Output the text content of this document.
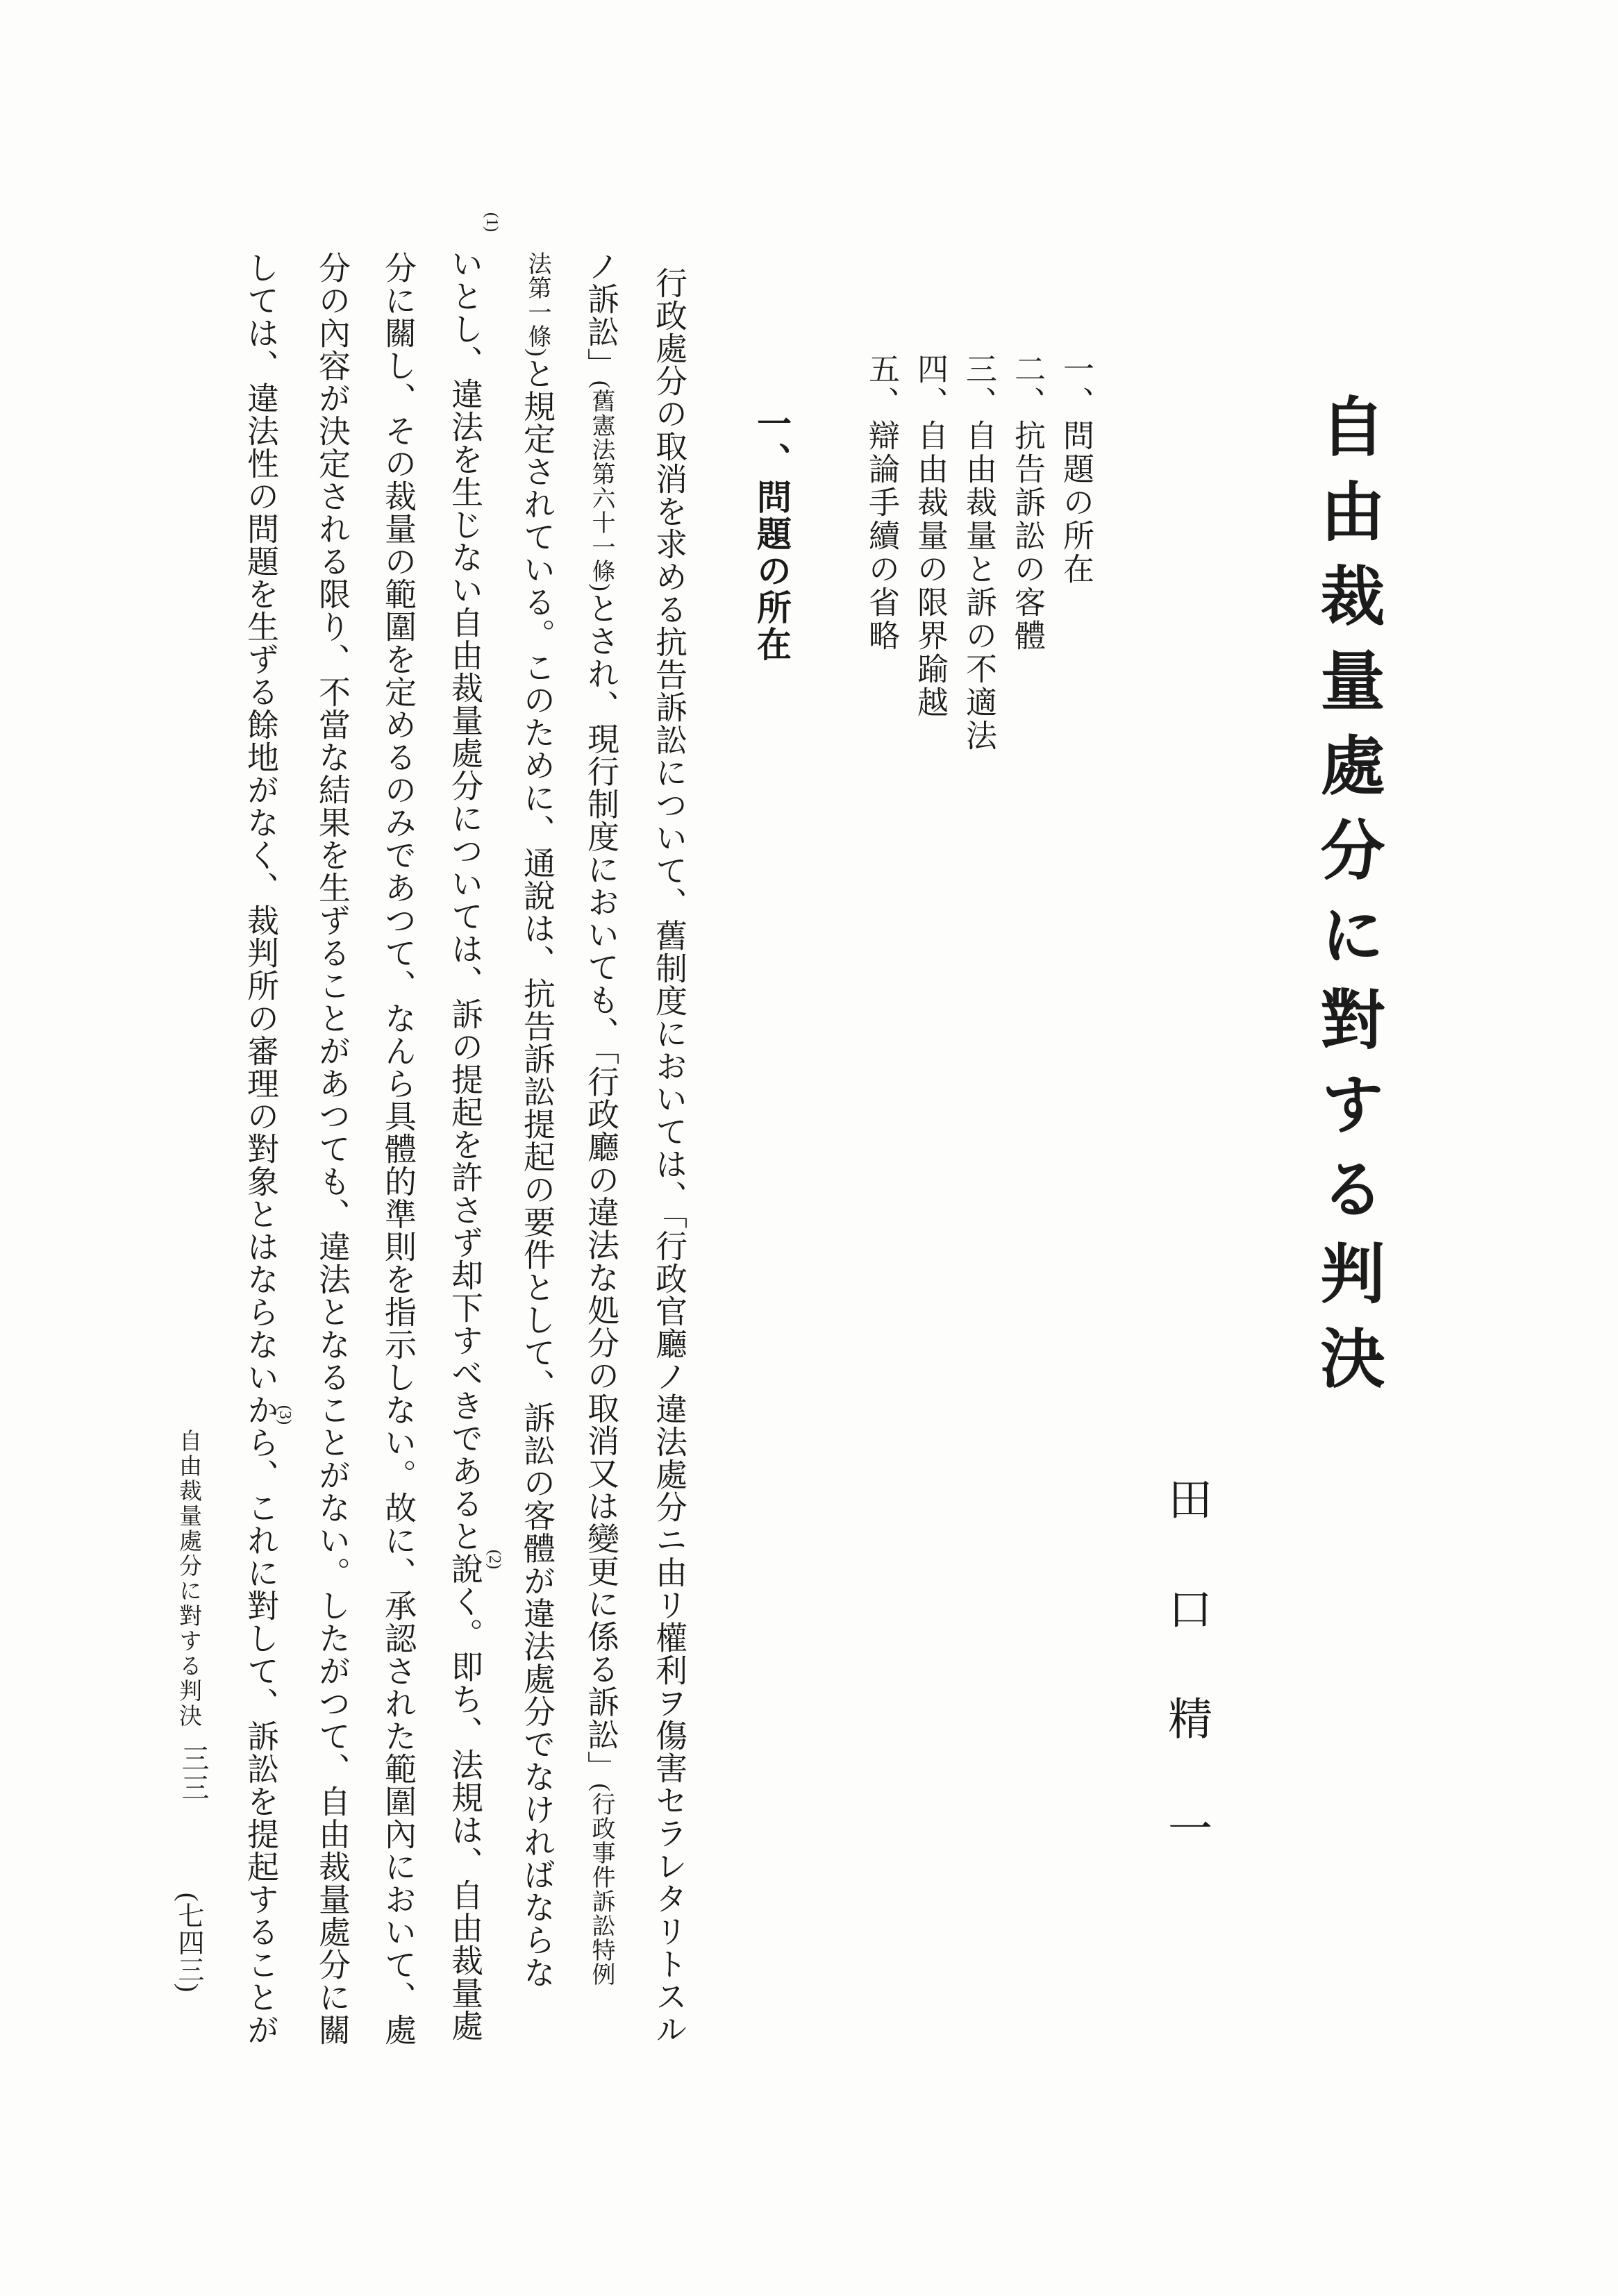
自由裁量處分に對する判決
田口精一
一、問題の所在
二、抗告訴訟の客體
三、自由裁量と訴の不適法
四、自由裁量の限界踰越
五、辯論手續の省略
一、問題の所在
行政處分の取消を求める抗告訴訟について、舊制度においては、「行政官廳ノ違法處分ニ由リ權利ヲ傷害セラレタリトスル
ノ訴訟」(舊憲法第六十一條)とされ、現行制度においても、「行政廳の違法な処分の取消又は變更に係る訴訟」(行政事件訴訟特例
法第一條)と規定されている。このために、通說は、抗告訴訟提起の要件として、訴訟の客體が違法處分でなければならな
いとし、違法を生じない自由裁量處分については、訴の提起を許さず却下すべきであると說く。即ち、法規は、自由裁量處
分に關し、その裁量の範圍を定めるのみであつて、なんら具體的準則を指示しない。故に、承認された範圍內において、處
分の內容が決定される限り、不當な結果を生ずることがあつても、違法となることがない。したがつて、自由裁量處分に關
しては、違法性の問題を生ずる餘地がなく、裁判所の審理の對象とはならないから、これに對して、訴訟を提起することが
(1)
(2)
(3)
自由裁量處分に對する判決
三三
(七四三)
